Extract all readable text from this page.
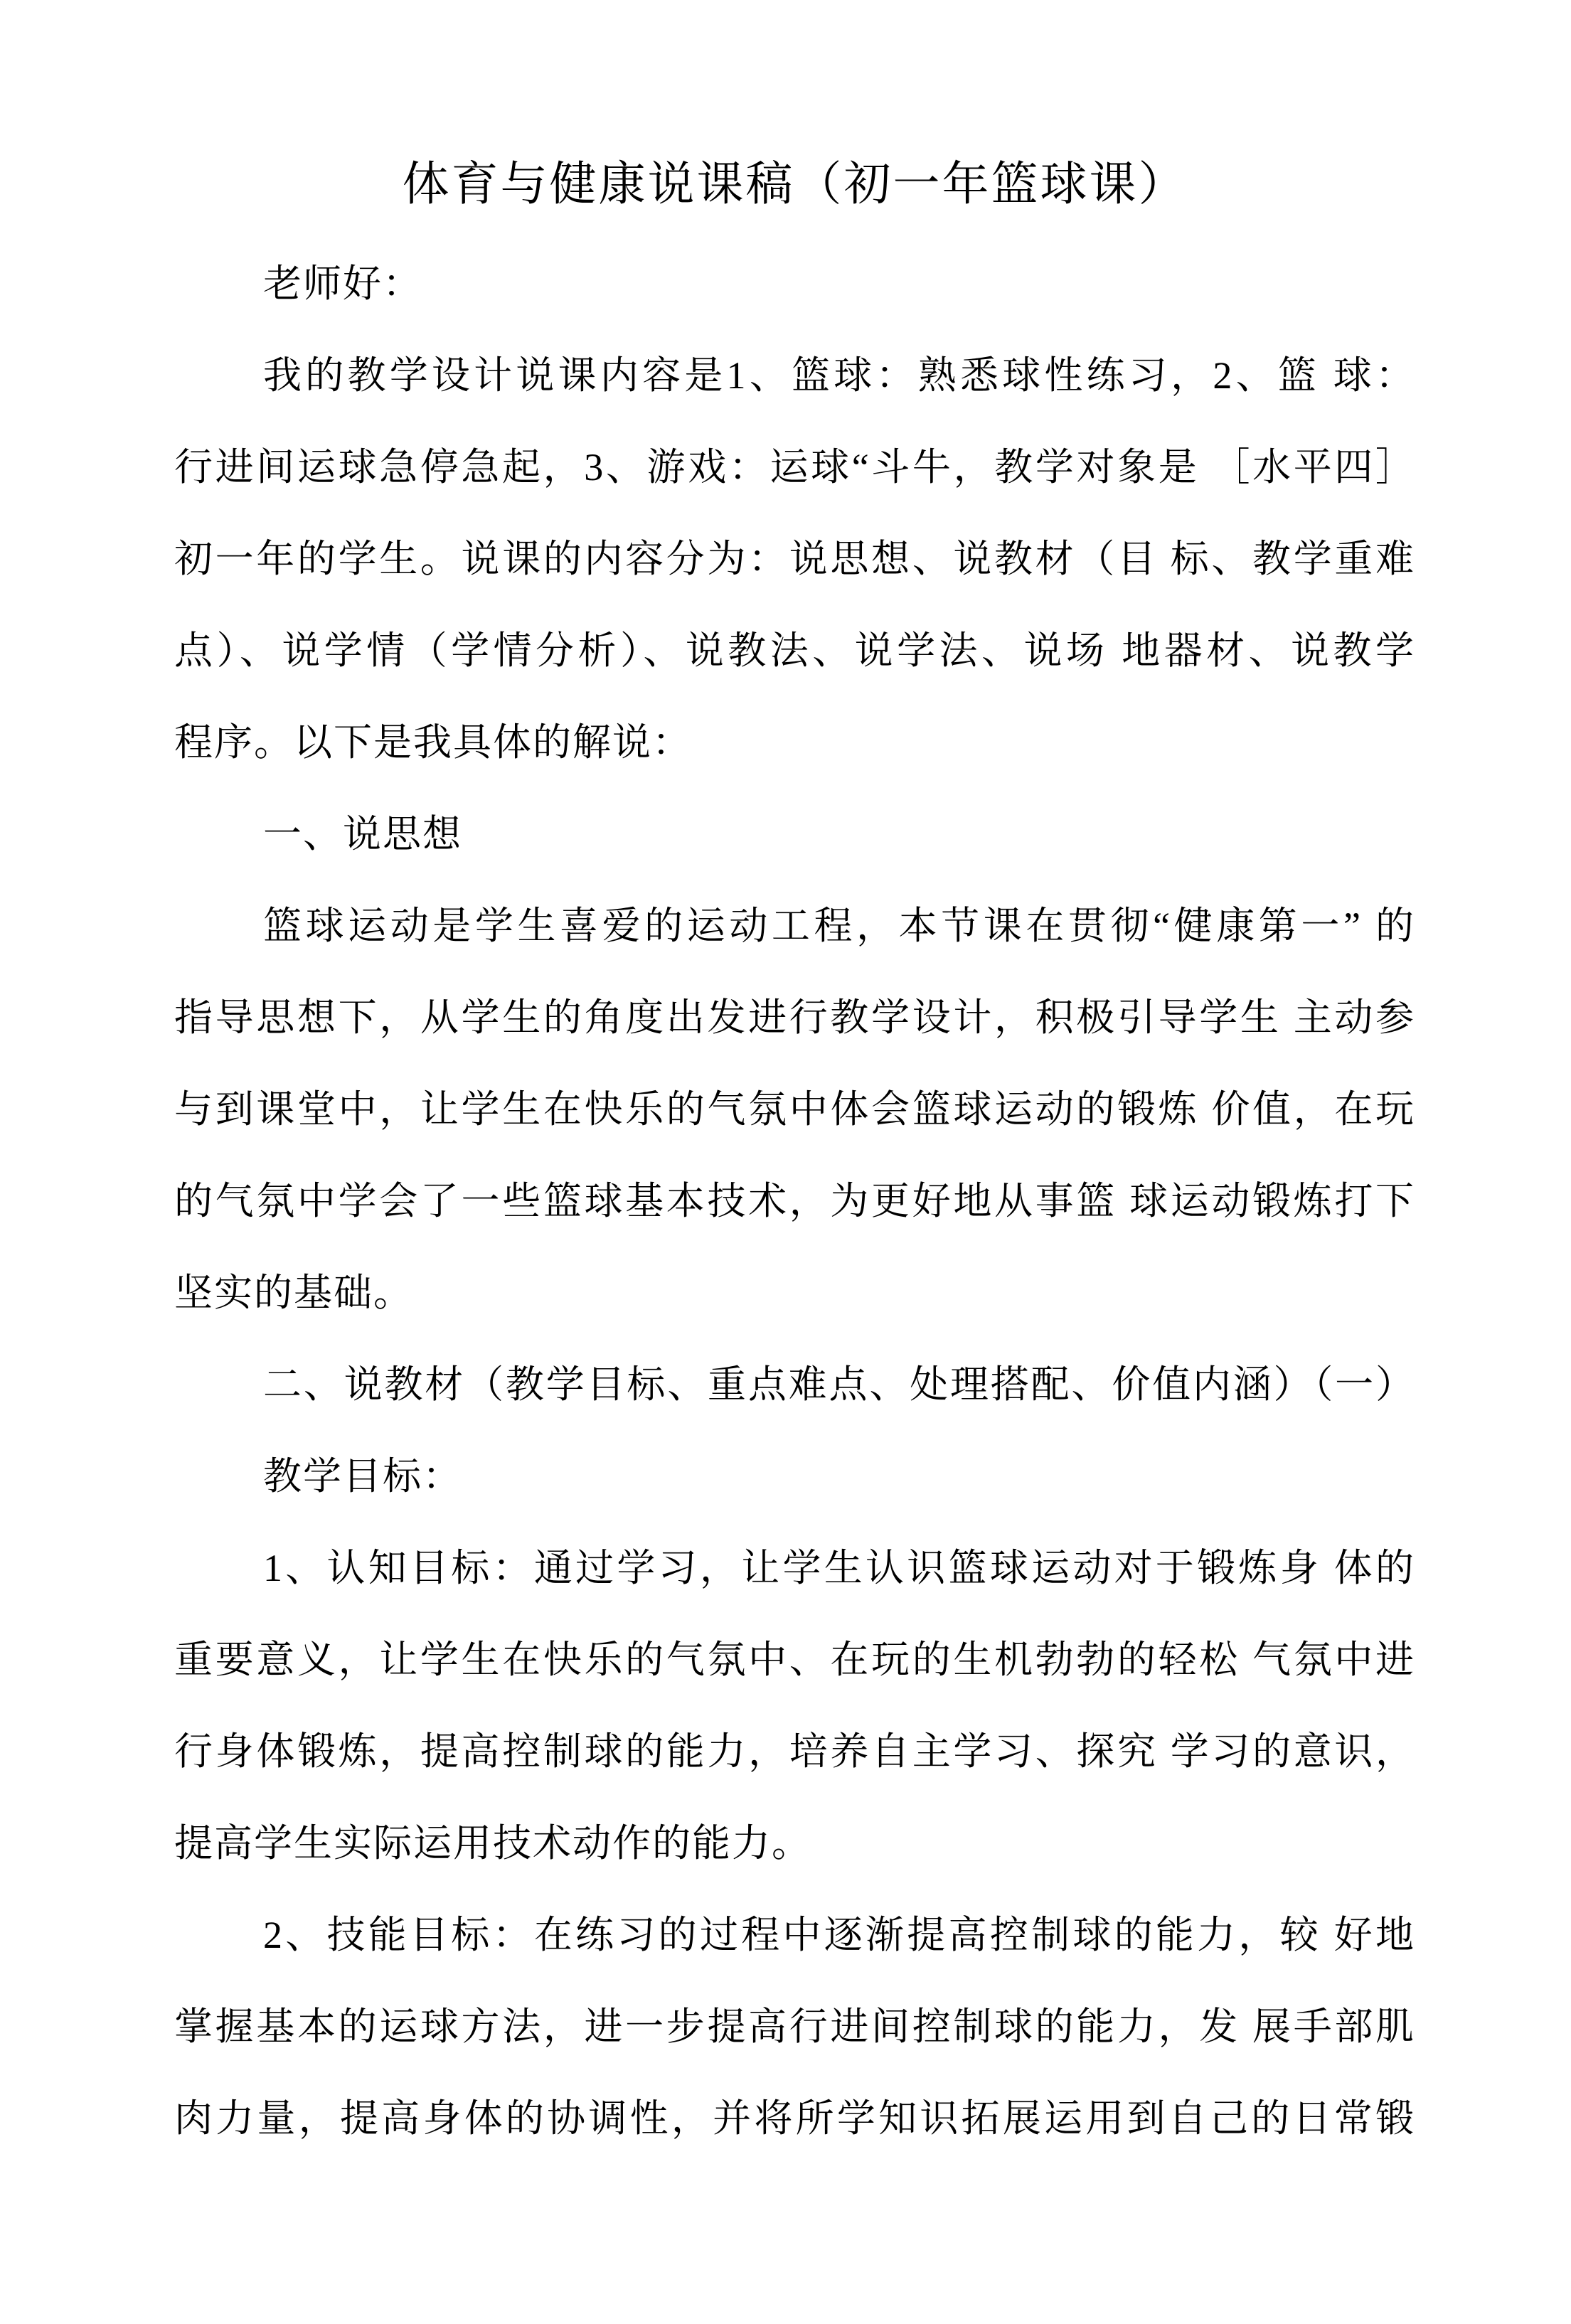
体育与健康说课稿（初一年篮球课）
老师好：
我的教学设计说课内容是1、篮球：熟悉球性练习，2、篮 球：
行进间运球急停急起，3、游戏：运球“斗牛，教学对象是 ［水平四］
初一年的学生。说课的内容分为：说思想、说教材（目 标、教学重难
点）、说学情（学情分析）、说教法、说学法、说场 地器材、说教学
程序。以下是我具体的解说：
一、说思想
篮球运动是学生喜爱的运动工程，本节课在贯彻“健康第一” 的
指导思想下，从学生的角度出发进行教学设计，积极引导学生 主动参
与到课堂中，让学生在快乐的气氛中体会篮球运动的锻炼 价值，在玩
的气氛中学会了一些篮球基本技术，为更好地从事篮 球运动锻炼打下
坚实的基础。
二、说教材（教学目标、重点难点、处理搭配、价值内涵）（一）
教学目标：
1、认知目标：通过学习，让学生认识篮球运动对于锻炼身 体的
重要意义，让学生在快乐的气氛中、在玩的生机勃勃的轻松 气氛中进
行身体锻炼，提高控制球的能力，培养自主学习、探究 学习的意识，
提高学生实际运用技术动作的能力。
2、技能目标：在练习的过程中逐渐提高控制球的能力，较 好地
掌握基本的运球方法，进一步提高行进间控制球的能力，发 展手部肌
肉力量，提高身体的协调性，并将所学知识拓展运用到自己的日常锻
